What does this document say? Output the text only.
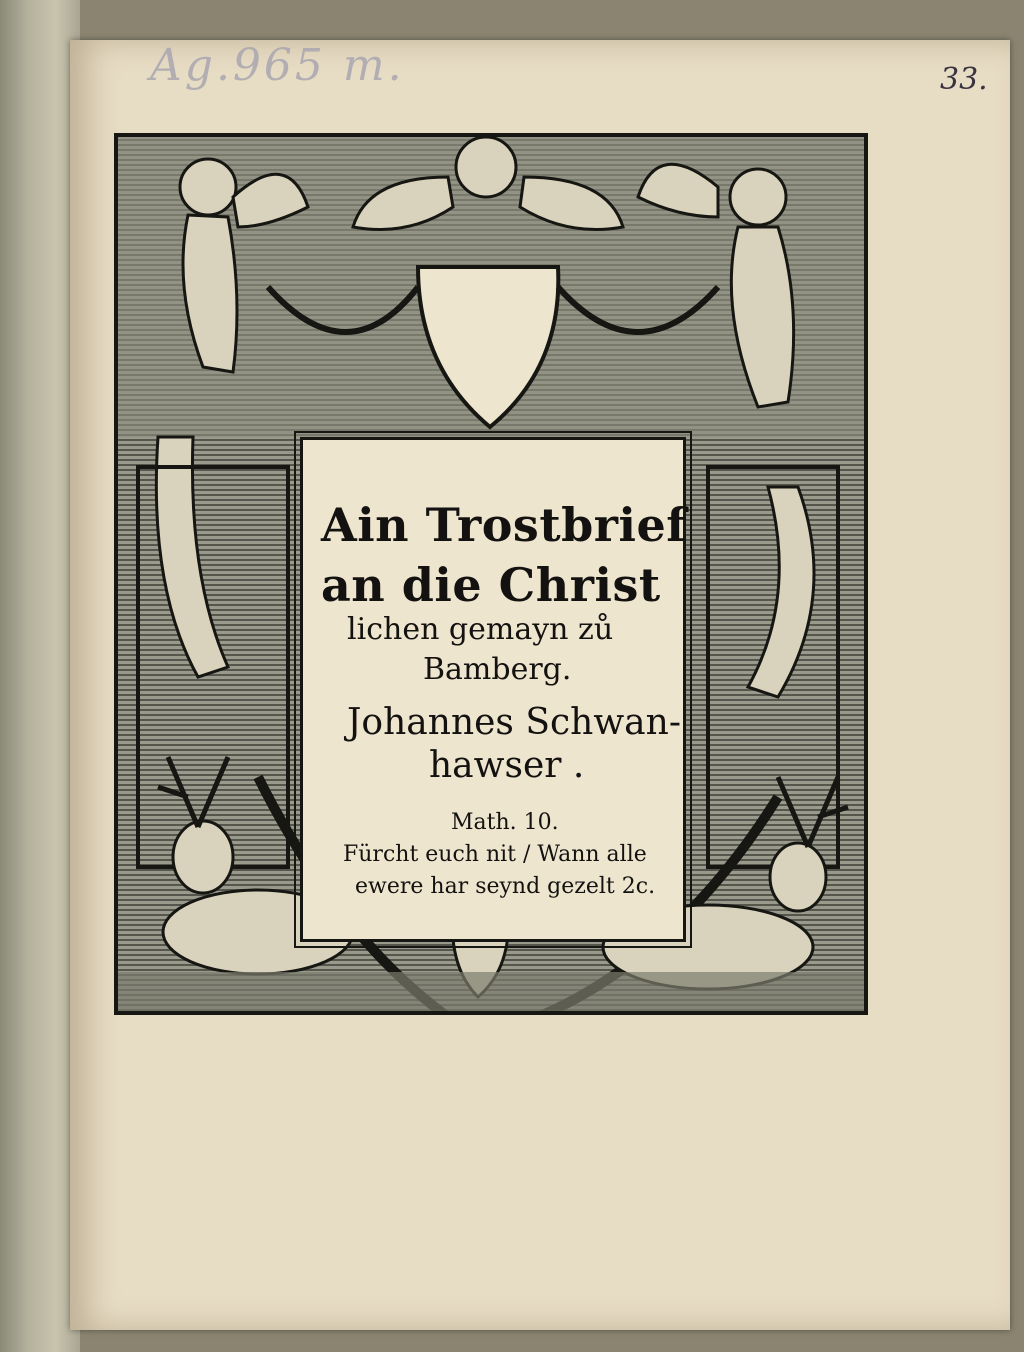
Ag.965 m.	33.
Ain Trostbrief
an die Christ
lichen gemayn zů
Bamberg.
Johannes Schwan-
hawser .
Math. 10.
Fürcht euch nit / Wann alle
ewere har seynd gezelt 2c.
